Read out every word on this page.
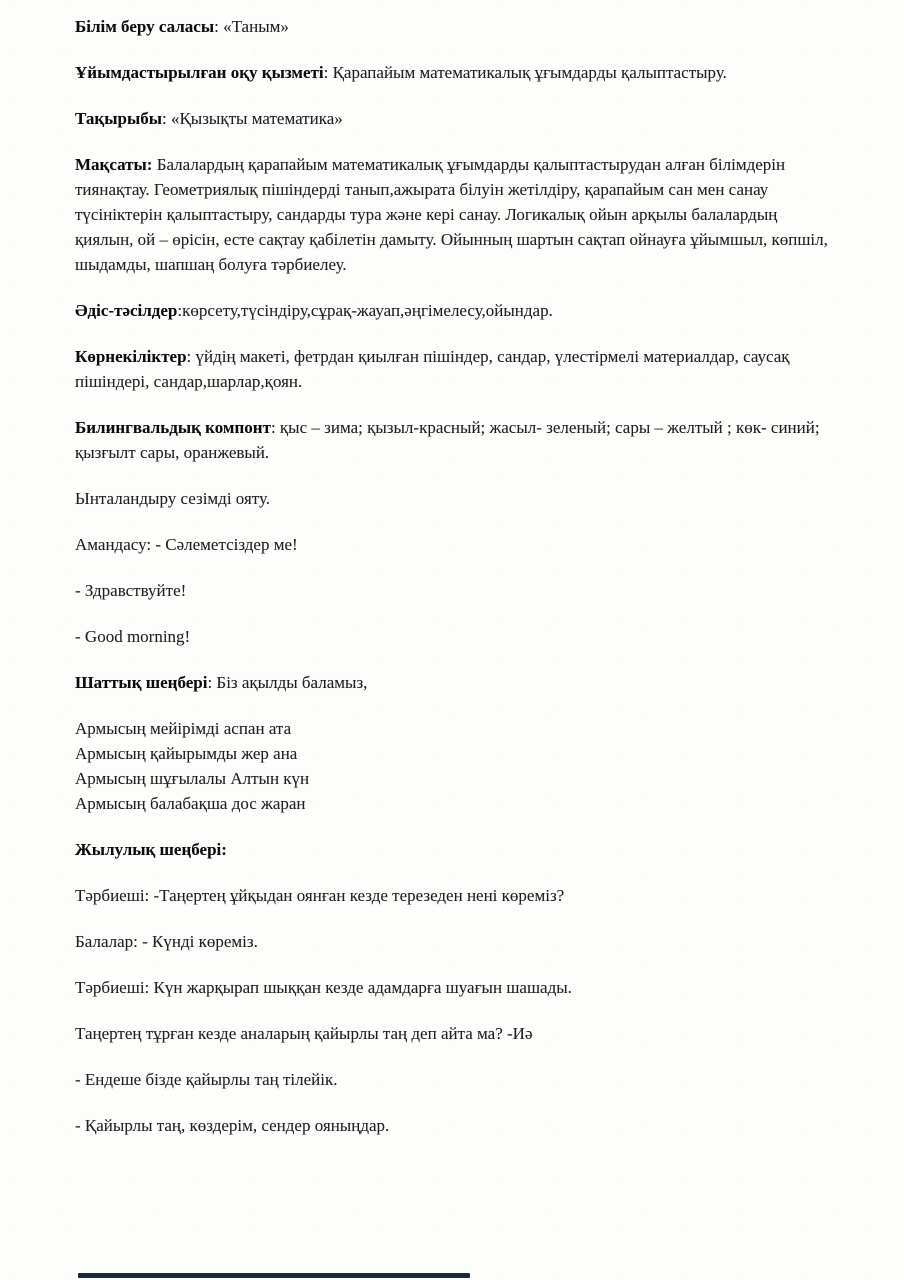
Білім беру саласы: «Таным»

Ұйымдастырылған оқу қызметі: Қарапайым математикалық ұғымдарды қалыптастыру.

Тақырыбы: «Қызықты математика»

Мақсаты: Балалардың қарапайым математикалық ұғымдарды қалыптастырудан алған білімдерін тиянақтау. Геометриялық пішіндерді танып,ажырата білуін жетілдіру, қарапайым сан мен санау түсініктерін қалыптастыру, сандарды тура және кері санау. Логикалық ойын арқылы балалардың қиялын, ой – өрісін, есте сақтау қабілетін дамыту. Ойынның шартын сақтап ойнауға ұйымшыл, көпшіл, шыдамды, шапшаң болуға тәрбиелеу.

Әдіс-тәсілдер:көрсету,түсіндіру,сұрақ-жауап,әңгімелесу,ойындар.

Көрнекіліктер: үйдің макеті, фетрдан қиылған пішіндер, сандар, үлестірмелі материалдар, саусақ пішіндері, сандар,шарлар,қоян.

Билингвальдық компонт: қыс – зима; қызыл-красный; жасыл- зеленый; сары – желтый ; көк- синий; қызғылт сары, оранжевый.

Ынталандыру сезімді ояту.

Амандасу: - Сәлеметсіздер ме!

- Здравствуйте!

- Good morning!

Шаттық шеңбері: Біз ақылды баламыз,

Армысың мейірімді аспан ата
Армысың қайырымды жер ана
Армысың шұғылалы Алтын күн
Армысың балабақша дос жаран

Жылулық шеңбері:

Тәрбиеші: -Таңертең ұйқыдан оянған кезде терезеден нені көреміз?

Балалар: - Күнді көреміз.

Тәрбиеші: Күн жарқырап шыққан кезде адамдарға шуағын шашады.

Таңертең тұрған кезде аналарың қайырлы таң деп айта ма? -Иә

- Ендеше бізде қайырлы таң тілейік.

- Қайырлы таң, көздерім, сендер ояныңдар.
